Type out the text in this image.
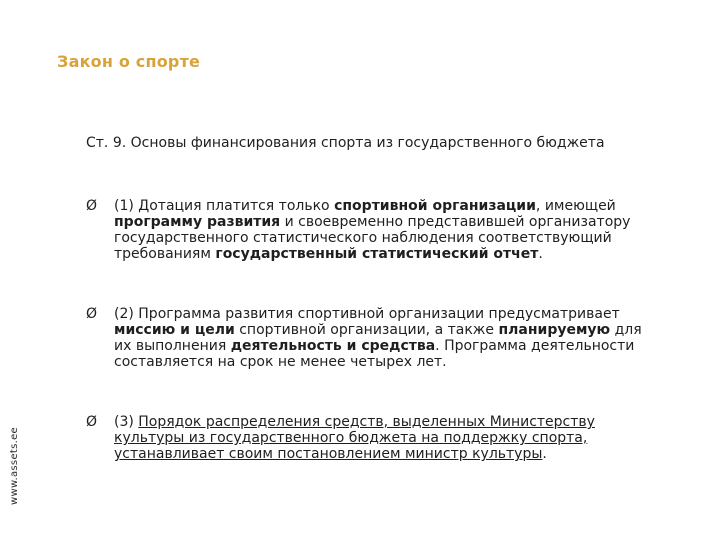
Закон о спорте
www.assets.ee
Ст. 9. Основы финансирования спорта из государственного бюджета
Ø	(1) Дотация платится только спортивной организации, имеющей программу развития и своевременно представившей организатору государственного статистического наблюдения соответствующий требованиям государственный статистический отчет.
Ø	(2) Программа развития спортивной организации предусматривает миссию и цели спортивной организации, а также планируемую для их выполнения деятельность и средства. Программа деятельности составляется на срок не менее четырех лет.
Ø	(3) Порядок распределения средств, выделенных Министерству культуры из государственного бюджета на поддержку спорта, устанавливает своим постановлением министр культуры.
